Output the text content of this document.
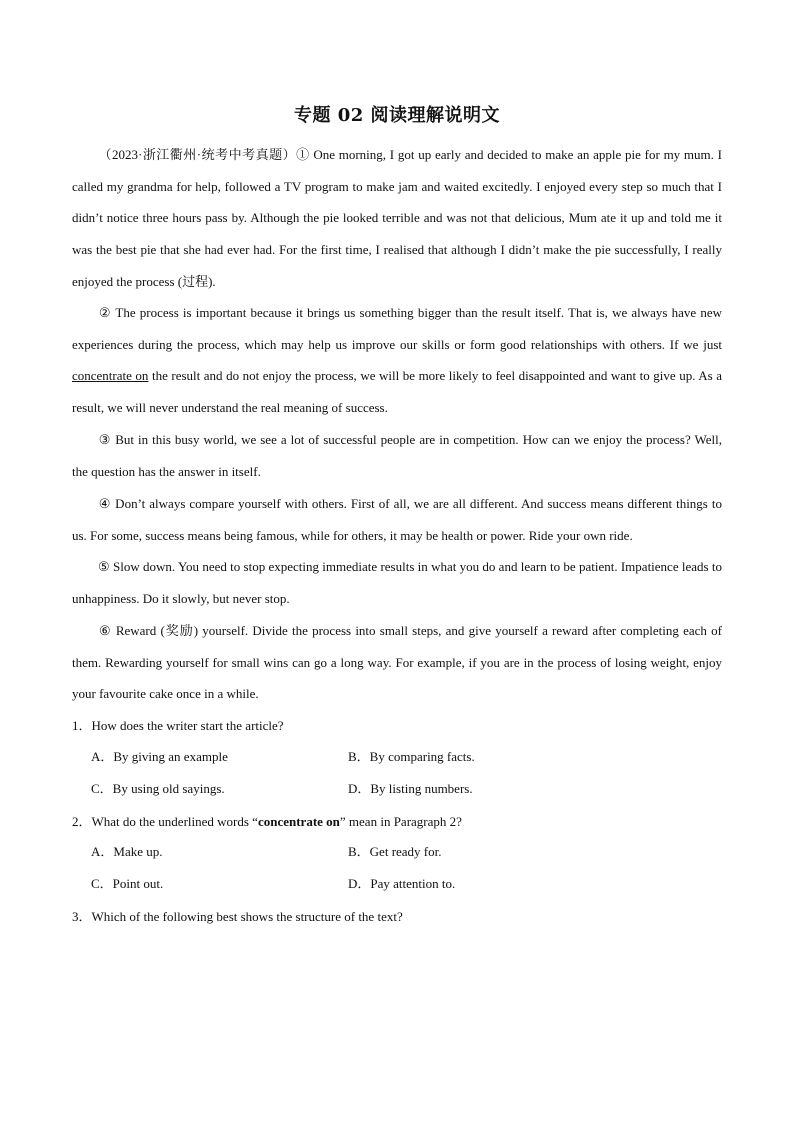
专题 02 阅读理解说明文

（2023·浙江衢州·统考中考真题）① One morning, I got up early and decided to make an apple pie for my mum. I called my grandma for help, followed a TV program to make jam and waited excitedly. I enjoyed every step so much that I didn’t notice three hours pass by. Although the pie looked terrible and was not that delicious, Mum ate it up and told me it was the best pie that she had ever had. For the first time, I realised that although I didn’t make the pie successfully, I really enjoyed the process (过程).

② The process is important because it brings us something bigger than the result itself. That is, we always have new experiences during the process, which may help us improve our skills or form good relationships with others. If we just concentrate on the result and do not enjoy the process, we will be more likely to feel disappointed and want to give up. As a result, we will never understand the real meaning of success.

③ But in this busy world, we see a lot of successful people are in competition. How can we enjoy the process? Well, the question has the answer in itself.

④ Don’t always compare yourself with others. First of all, we are all different. And success means different things to us. For some, success means being famous, while for others, it may be health or power. Ride your own ride.

⑤ Slow down. You need to stop expecting immediate results in what you do and learn to be patient. Impatience leads to unhappiness. Do it slowly, but never stop.

⑥ Reward (奖励) yourself. Divide the process into small steps, and give yourself a reward after completing each of them. Rewarding yourself for small wins can go a long way. For example, if you are in the process of losing weight, enjoy your favourite cake once in a while.

1．How does the writer start the article?

A．By giving an example	B．By comparing facts.
C．By using old sayings.	D．By listing numbers.

2．What do the underlined words “concentrate on” mean in Paragraph 2?

A．Make up.	B．Get ready for.
C．Point out.	D．Pay attention to.

3．Which of the following best shows the structure of the text?
